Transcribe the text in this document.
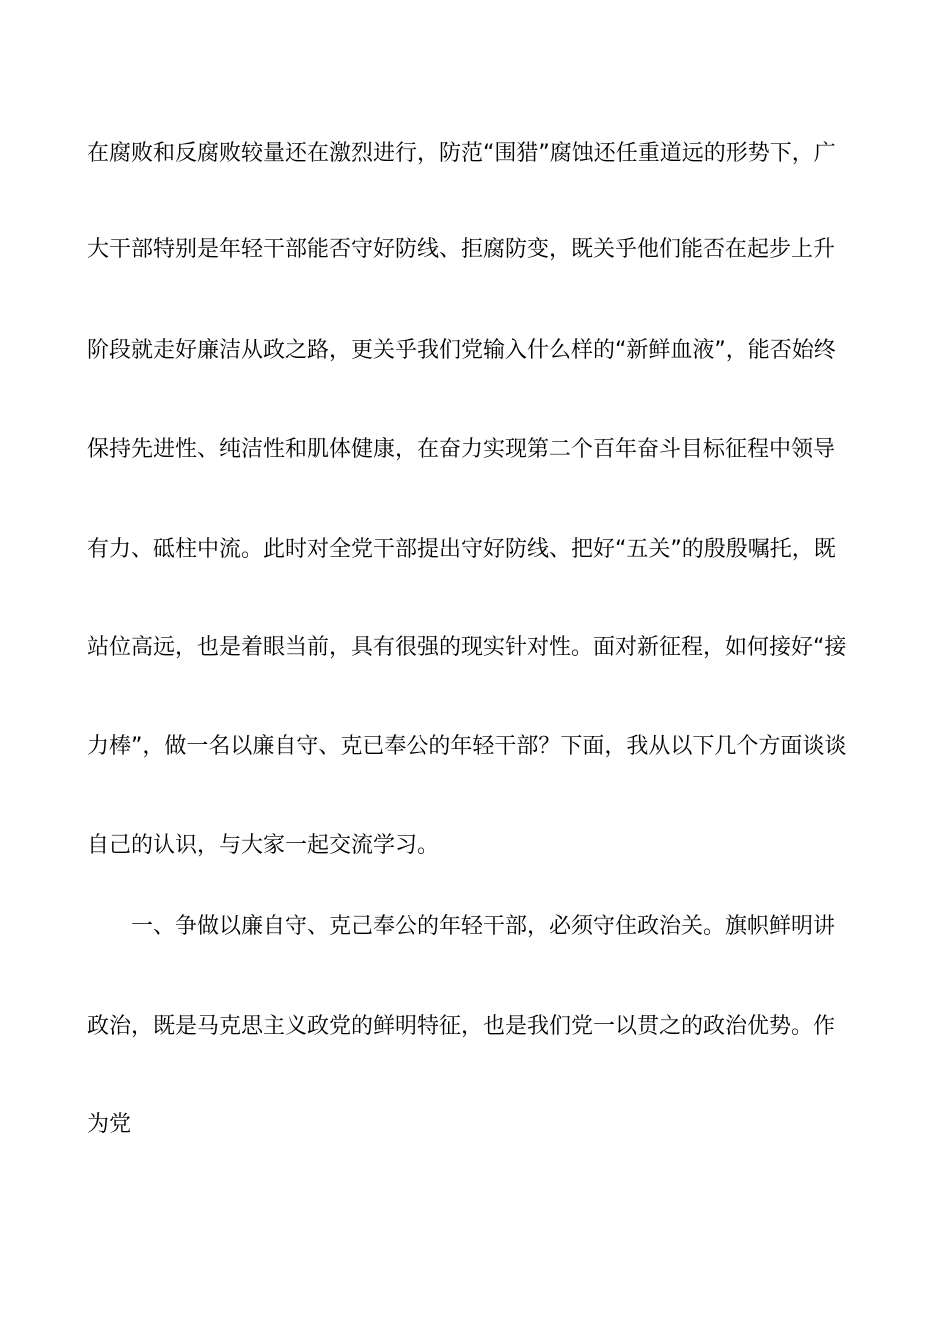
在腐败和反腐败较量还在激烈进行，防范“围猎”腐蚀还任重道远的形势下，广
大干部特别是年轻干部能否守好防线、拒腐防变，既关乎他们能否在起步上升
阶段就走好廉洁从政之路，更关乎我们党输入什么样的“新鲜血液”，能否始终
保持先进性、纯洁性和肌体健康，在奋力实现第二个百年奋斗目标征程中领导
有力、砥柱中流。此时对全党干部提出守好防线、把好“五关”的殷殷嘱托，既
站位高远，也是着眼当前，具有很强的现实针对性。面对新征程，如何接好“接
力棒”，做一名以廉自守、克已奉公的年轻干部？下面，我从以下几个方面谈谈
自己的认识，与大家一起交流学习。
一、争做以廉自守、克己奉公的年轻干部，必须守住政治关。旗帜鲜明讲
政治，既是马克思主义政党的鲜明特征，也是我们党一以贯之的政治优势。作
为党
